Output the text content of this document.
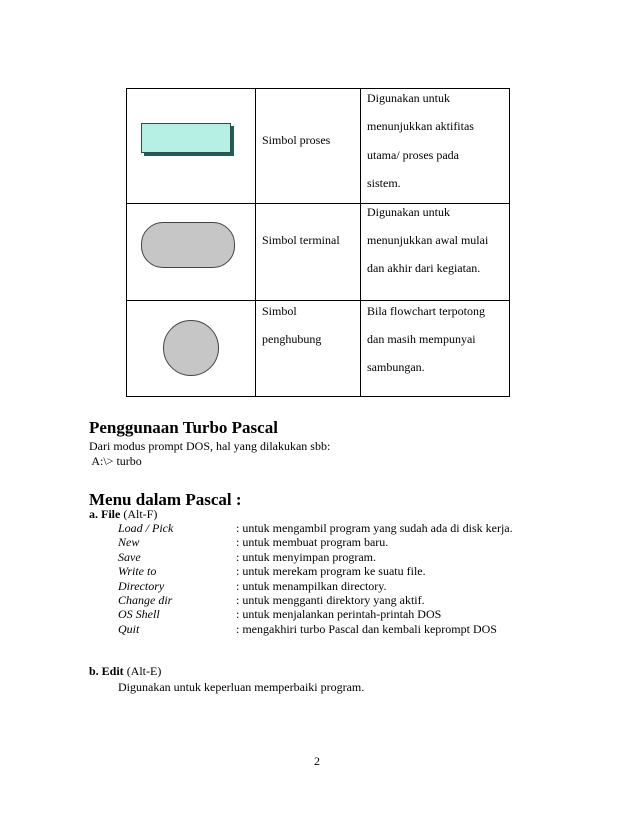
	Simbol proses	Digunakan untuk
menunjukkan aktifitas
utama/ proses pada
sistem.

	Simbol terminal	Digunakan untuk
menunjukkan awal mulai
dan akhir dari kegiatan.

	Simbol
penghubung	Bila flowchart terpotong
dan masih mempunyai
sambungan.
Penggunaan Turbo Pascal
Dari modus prompt DOS, hal yang dilakukan sbb:
A:\> turbo
Menu dalam Pascal :
a. File (Alt-F)
Load / Pick	: untuk mengambil program yang sudah ada di disk kerja.
New	: untuk membuat program baru.
Save	: untuk menyimpan program.
Write to	: untuk merekam program ke suatu file.
Directory	: untuk menampilkan directory.
Change dir	: untuk mengganti direktory yang aktif.
OS Shell	: untuk menjalankan perintah-printah DOS
Quit	: mengakhiri turbo Pascal dan kembali keprompt DOS
b. Edit (Alt-E)
Digunakan untuk keperluan memperbaiki program.
2
